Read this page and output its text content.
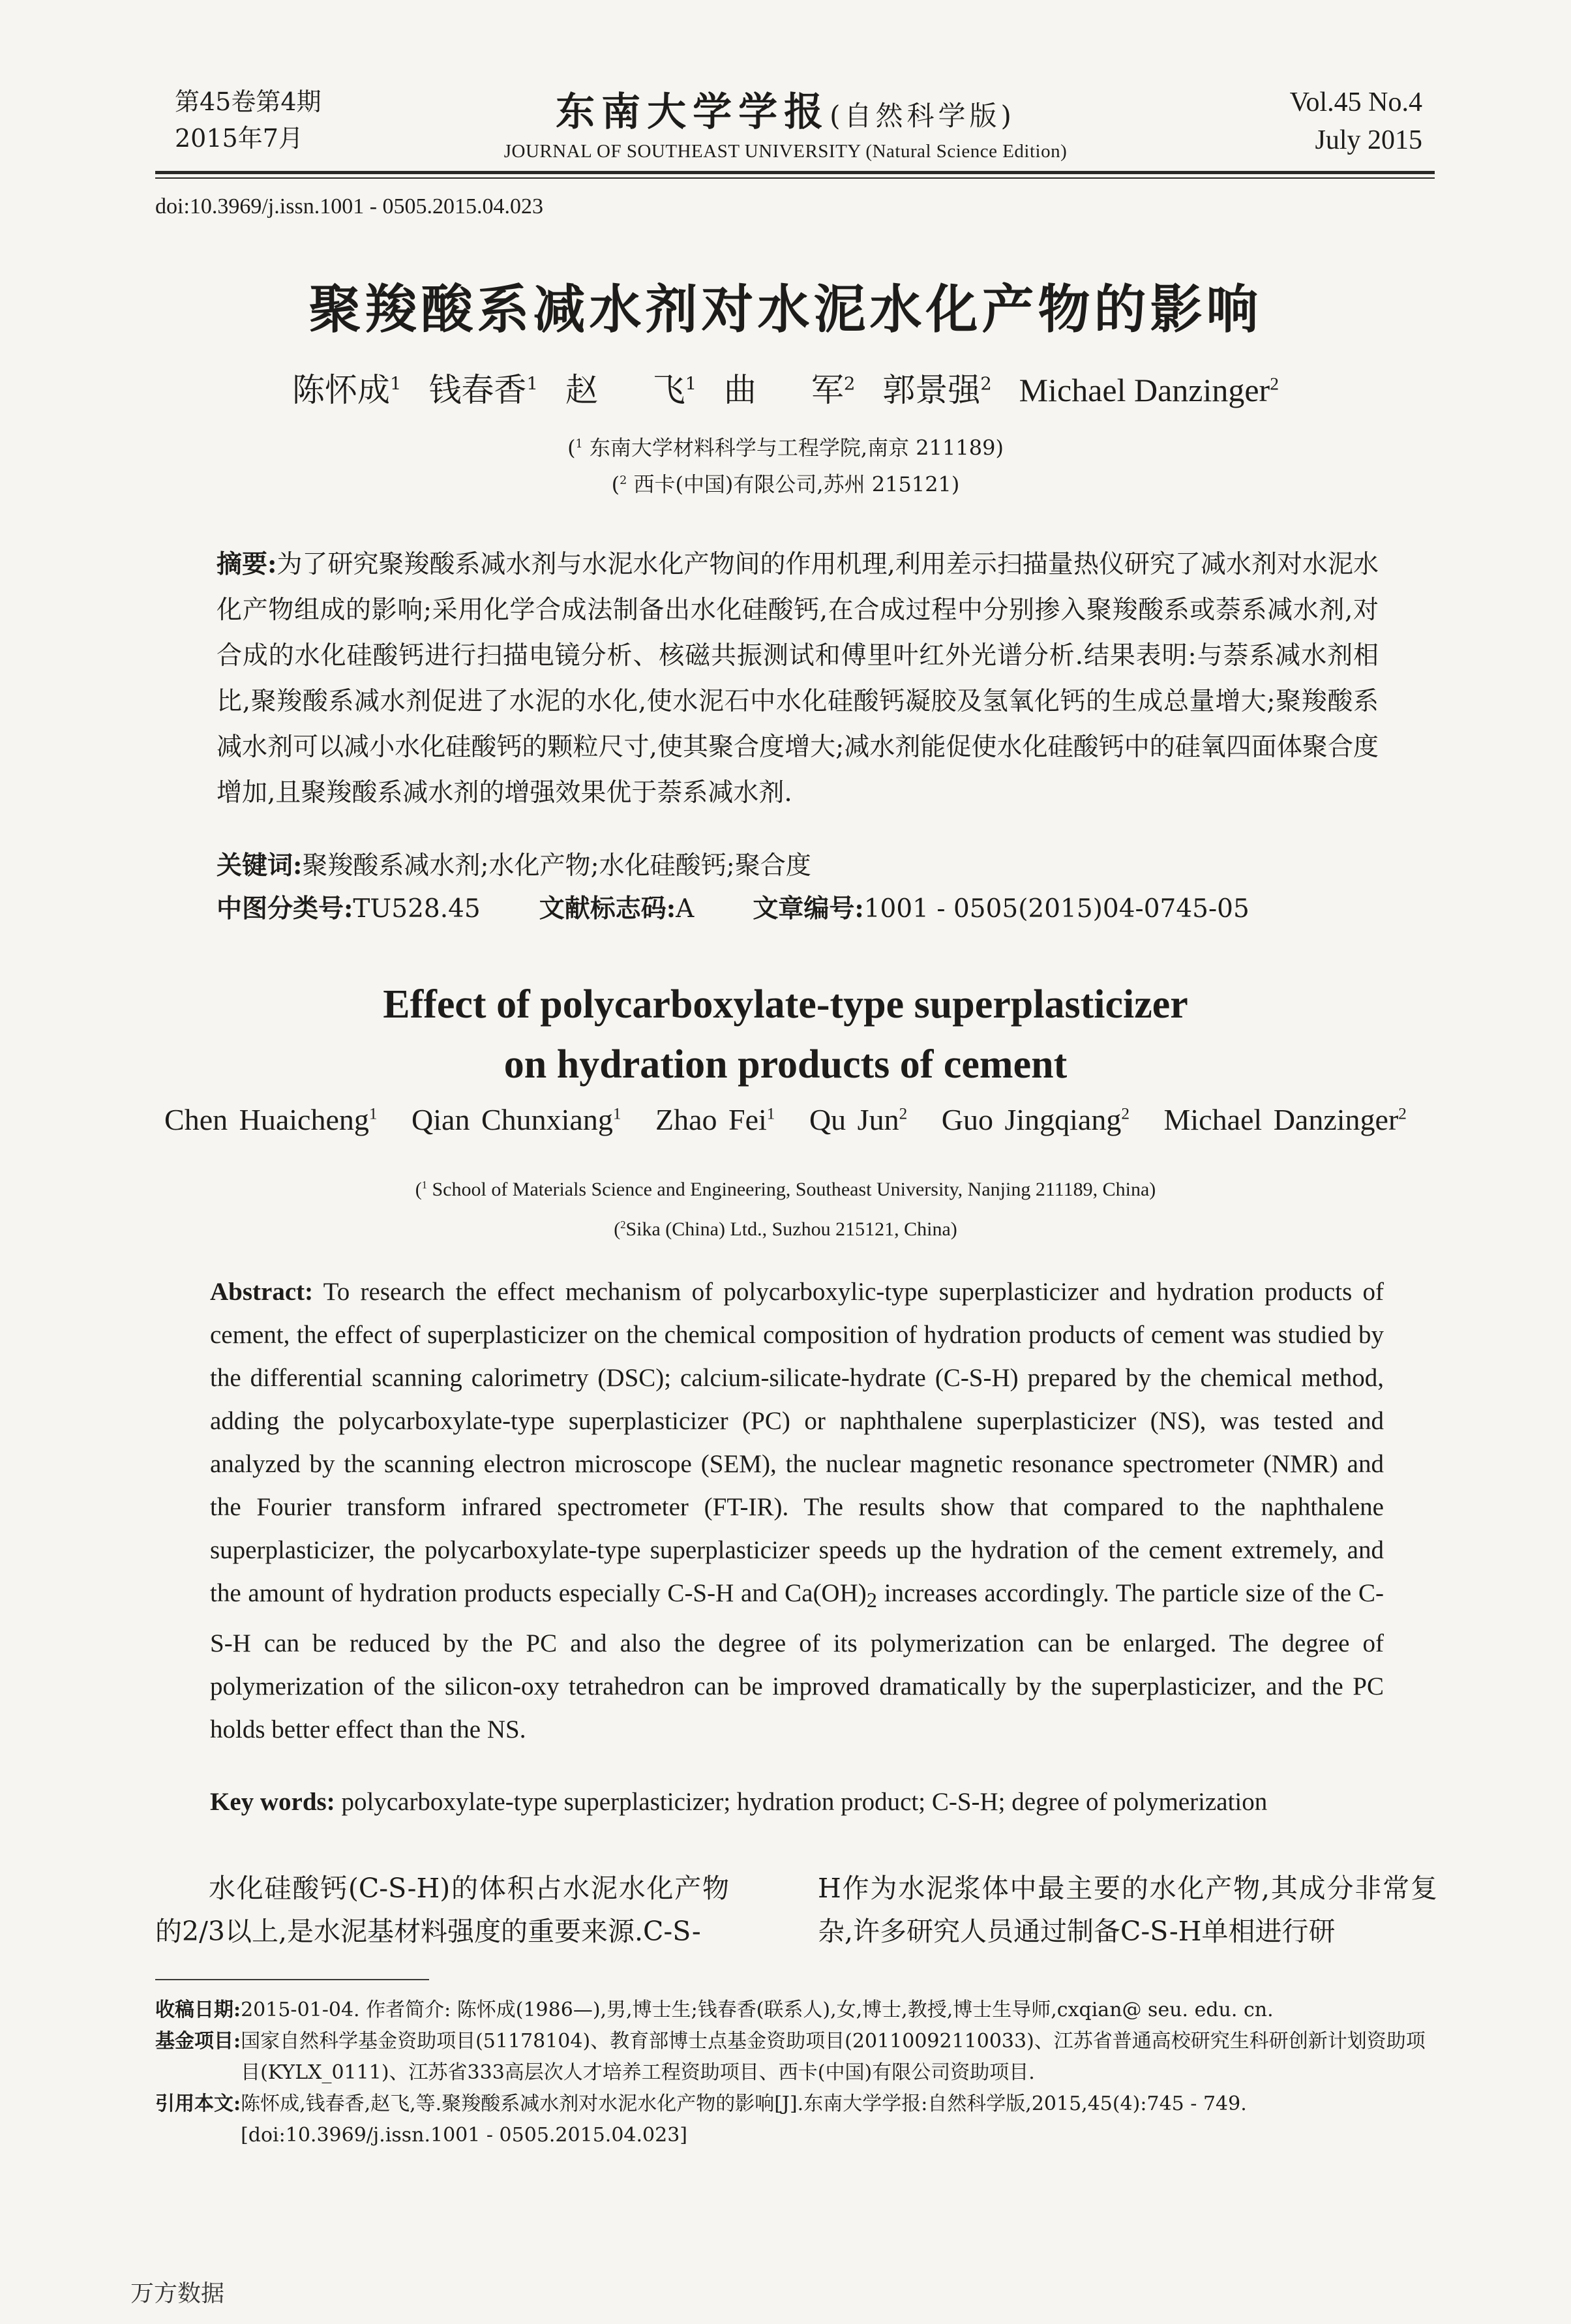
第45卷第4期
2015年7月
东南大学学报(自然科学版)
JOURNAL OF SOUTHEAST UNIVERSITY (Natural Science Edition)
Vol.45 No.4
July 2015
doi:10.3969/j.issn.1001 - 0505.2015.04.023
聚羧酸系减水剂对水泥水化产物的影响
陈怀成$^1$ 钱春香$^1$ 赵  飞$^1$ 曲  军$^2$ 郭景强$^2$ Michael Danzinger$^2$
($^1$ 东南大学材料科学与工程学院,南京 211189)
($^2$ 西卡(中国)有限公司,苏州 215121)
摘要:为了研究聚羧酸系减水剂与水泥水化产物间的作用机理,利用差示扫描量热仪研究了减水剂对水泥水化产物组成的影响;采用化学合成法制备出水化硅酸钙,在合成过程中分别掺入聚羧酸系或萘系减水剂,对合成的水化硅酸钙进行扫描电镜分析、核磁共振测试和傅里叶红外光谱分析.结果表明:与萘系减水剂相比,聚羧酸系减水剂促进了水泥的水化,使水泥石中水化硅酸钙凝胶及氢氧化钙的生成总量增大;聚羧酸系减水剂可以减小水化硅酸钙的颗粒尺寸,使其聚合度增大;减水剂能促使水化硅酸钙中的硅氧四面体聚合度增加,且聚羧酸系减水剂的增强效果优于萘系减水剂.
关键词:聚羧酸系减水剂;水化产物;水化硅酸钙;聚合度
中图分类号:TU528.45 文献标志码:A 文章编号:1001 - 0505(2015)04-0745-05
Effect of polycarboxylate-type superplasticizer
on hydration products of cement
Chen Huaicheng$^1$ Qian Chunxiang$^1$ Zhao Fei$^1$ Qu Jun$^2$ Guo Jingqiang$^2$ Michael Danzinger$^2$
($^1$ School of Materials Science and Engineering, Southeast University, Nanjing 211189, China)
($^2$Sika (China) Ltd., Suzhou 215121, China)
Abstract: To research the effect mechanism of polycarboxylic-type superplasticizer and hydration products of cement, the effect of superplasticizer on the chemical composition of hydration products of cement was studied by the differential scanning calorimetry (DSC); calcium-silicate-hydrate (C-S-H) prepared by the chemical method, adding the polycarboxylate-type superplasticizer (PC) or naphthalene superplasticizer (NS), was tested and analyzed by the scanning electron microscope (SEM), the nuclear magnetic resonance spectrometer (NMR) and the Fourier transform infrared spectrometer (FT-IR). The results show that compared to the naphthalene superplasticizer, the polycarboxylate-type superplasticizer speeds up the hydration of the cement extremely, and the amount of hydration products especially C-S-H and $Ca(OH)_2$ increases accordingly. The particle size of the C-S-H can be reduced by the PC and also the degree of its polymerization can be enlarged. The degree of polymerization of the silicon-oxy tetrahedron can be improved dramatically by the superplasticizer, and the PC holds better effect than the NS.
Key words: polycarboxylate-type superplasticizer; hydration product; C-S-H; degree of polymerization

水化硅酸钙(C-S-H)的体积占水泥水化产物的2/3以上,是水泥基材料强度的重要来源.C-S-

H作为水泥浆体中最主要的水化产物,其成分非常复杂,许多研究人员通过制备C-S-H单相进行研

收稿日期: 2015-01-04. 作者简介: 陈怀成(1986—),男,博士生;钱春香(联系人),女,博士,教授,博士生导师,cxqian@ seu. edu. cn.
基金项目: 国家自然科学基金资助项目(51178104)、教育部博士点基金资助项目(20110092110033)、江苏省普通高校研究生科研创新计划资助项目(KYLX_0111)、江苏省333高层次人才培养工程资助项目、西卡(中国)有限公司资助项目.
引用本文: 陈怀成,钱春香,赵飞,等.聚羧酸系减水剂对水泥水化产物的影响[J].东南大学学报:自然科学版,2015,45(4):745 - 749.[doi:10.3969/j.issn.1001 - 0505.2015.04.023]
万方数据
